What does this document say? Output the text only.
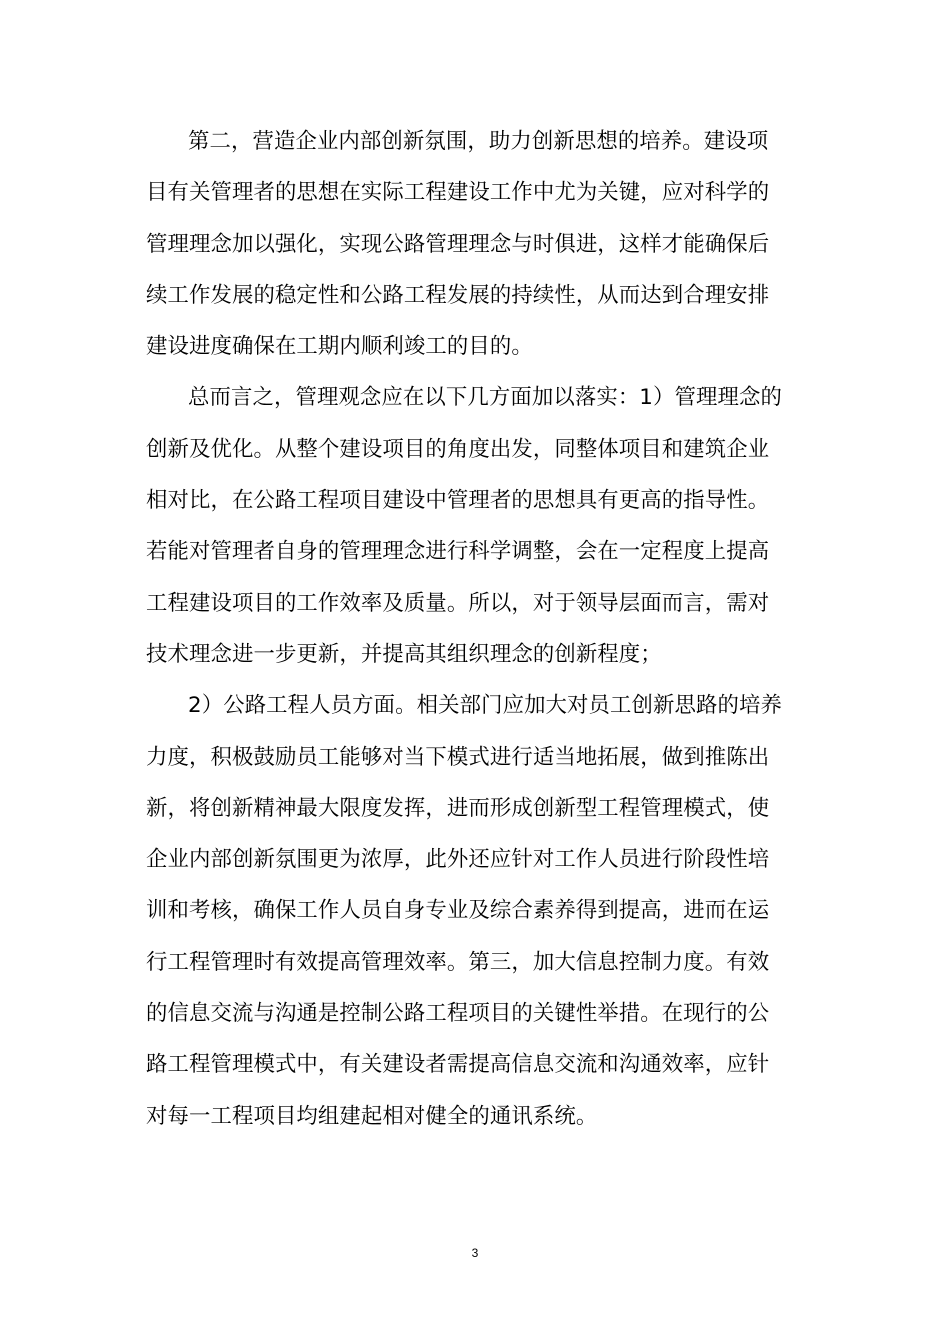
第二，营造企业内部创新氛围，助力创新思想的培养。建设项
目有关管理者的思想在实际工程建设工作中尤为关键，应对科学的
管理理念加以强化，实现公路管理理念与时俱进，这样才能确保后
续工作发展的稳定性和公路工程发展的持续性，从而达到合理安排
建设进度确保在工期内顺利竣工的目的。
总而言之，管理观念应在以下几方面加以落实：1）管理理念的
创新及优化。从整个建设项目的角度出发，同整体项目和建筑企业
相对比，在公路工程项目建设中管理者的思想具有更高的指导性。
若能对管理者自身的管理理念进行科学调整，会在一定程度上提高
工程建设项目的工作效率及质量。所以，对于领导层面而言，需对
技术理念进一步更新，并提高其组织理念的创新程度；
2）公路工程人员方面。相关部门应加大对员工创新思路的培养
力度，积极鼓励员工能够对当下模式进行适当地拓展，做到推陈出
新，将创新精神最大限度发挥，进而形成创新型工程管理模式，使
企业内部创新氛围更为浓厚，此外还应针对工作人员进行阶段性培
训和考核，确保工作人员自身专业及综合素养得到提高，进而在运
行工程管理时有效提高管理效率。第三，加大信息控制力度。有效
的信息交流与沟通是控制公路工程项目的关键性举措。在现行的公
路工程管理模式中，有关建设者需提高信息交流和沟通效率，应针
对每一工程项目均组建起相对健全的通讯系统。
3
